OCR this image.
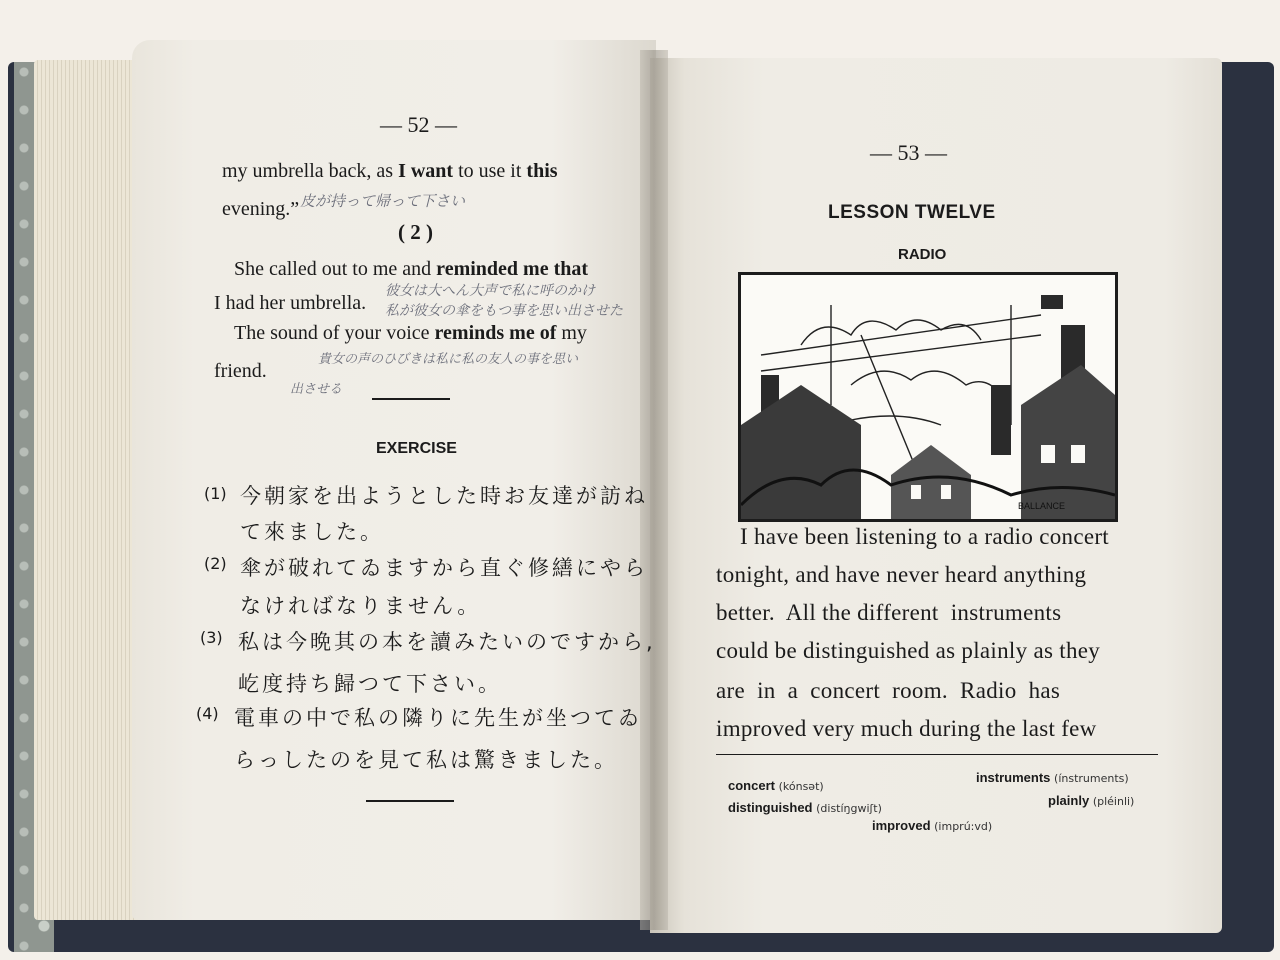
— 52 —
my umbrella back, as I want to use it this
evening.” 皮が持って帰って下さい
( 2 )
She called out to me and reminded me that
I had her umbrella.
彼女は大へん大声で私に呼のかけ
私が彼女の傘をもつ事を思い出させた
The sound of your voice reminds me of my
貴女の声のひびきは私に私の友人の事を思い
friend.
出させる
EXERCISE
(1) 今朝家を出ようとした時お友達が訪ね
て來ました。
(2) 傘が破れてゐますから直ぐ修繕にやら
なければなりません。
(3) 私は今晩其の本を讀みたいのですから,
屹度持ち歸つて下さい。
(4) 電車の中で私の隣りに先生が坐つてゐ
らっしたのを見て私は驚きました。
— 53 —
LESSON TWELVE
RADIO
BALLANCE
I have been listening to a radio concert
tonight, and have never heard anything
better.  All the different  instruments
could be distinguished as plainly as they
are  in  a  concert  room.  Radio  has
improved very much during the last few
concert (kónsət)
instruments (ínstruments)
distinguished (distíŋgwiʃt)
plainly (pléinli)
improved (imprú:vd)
